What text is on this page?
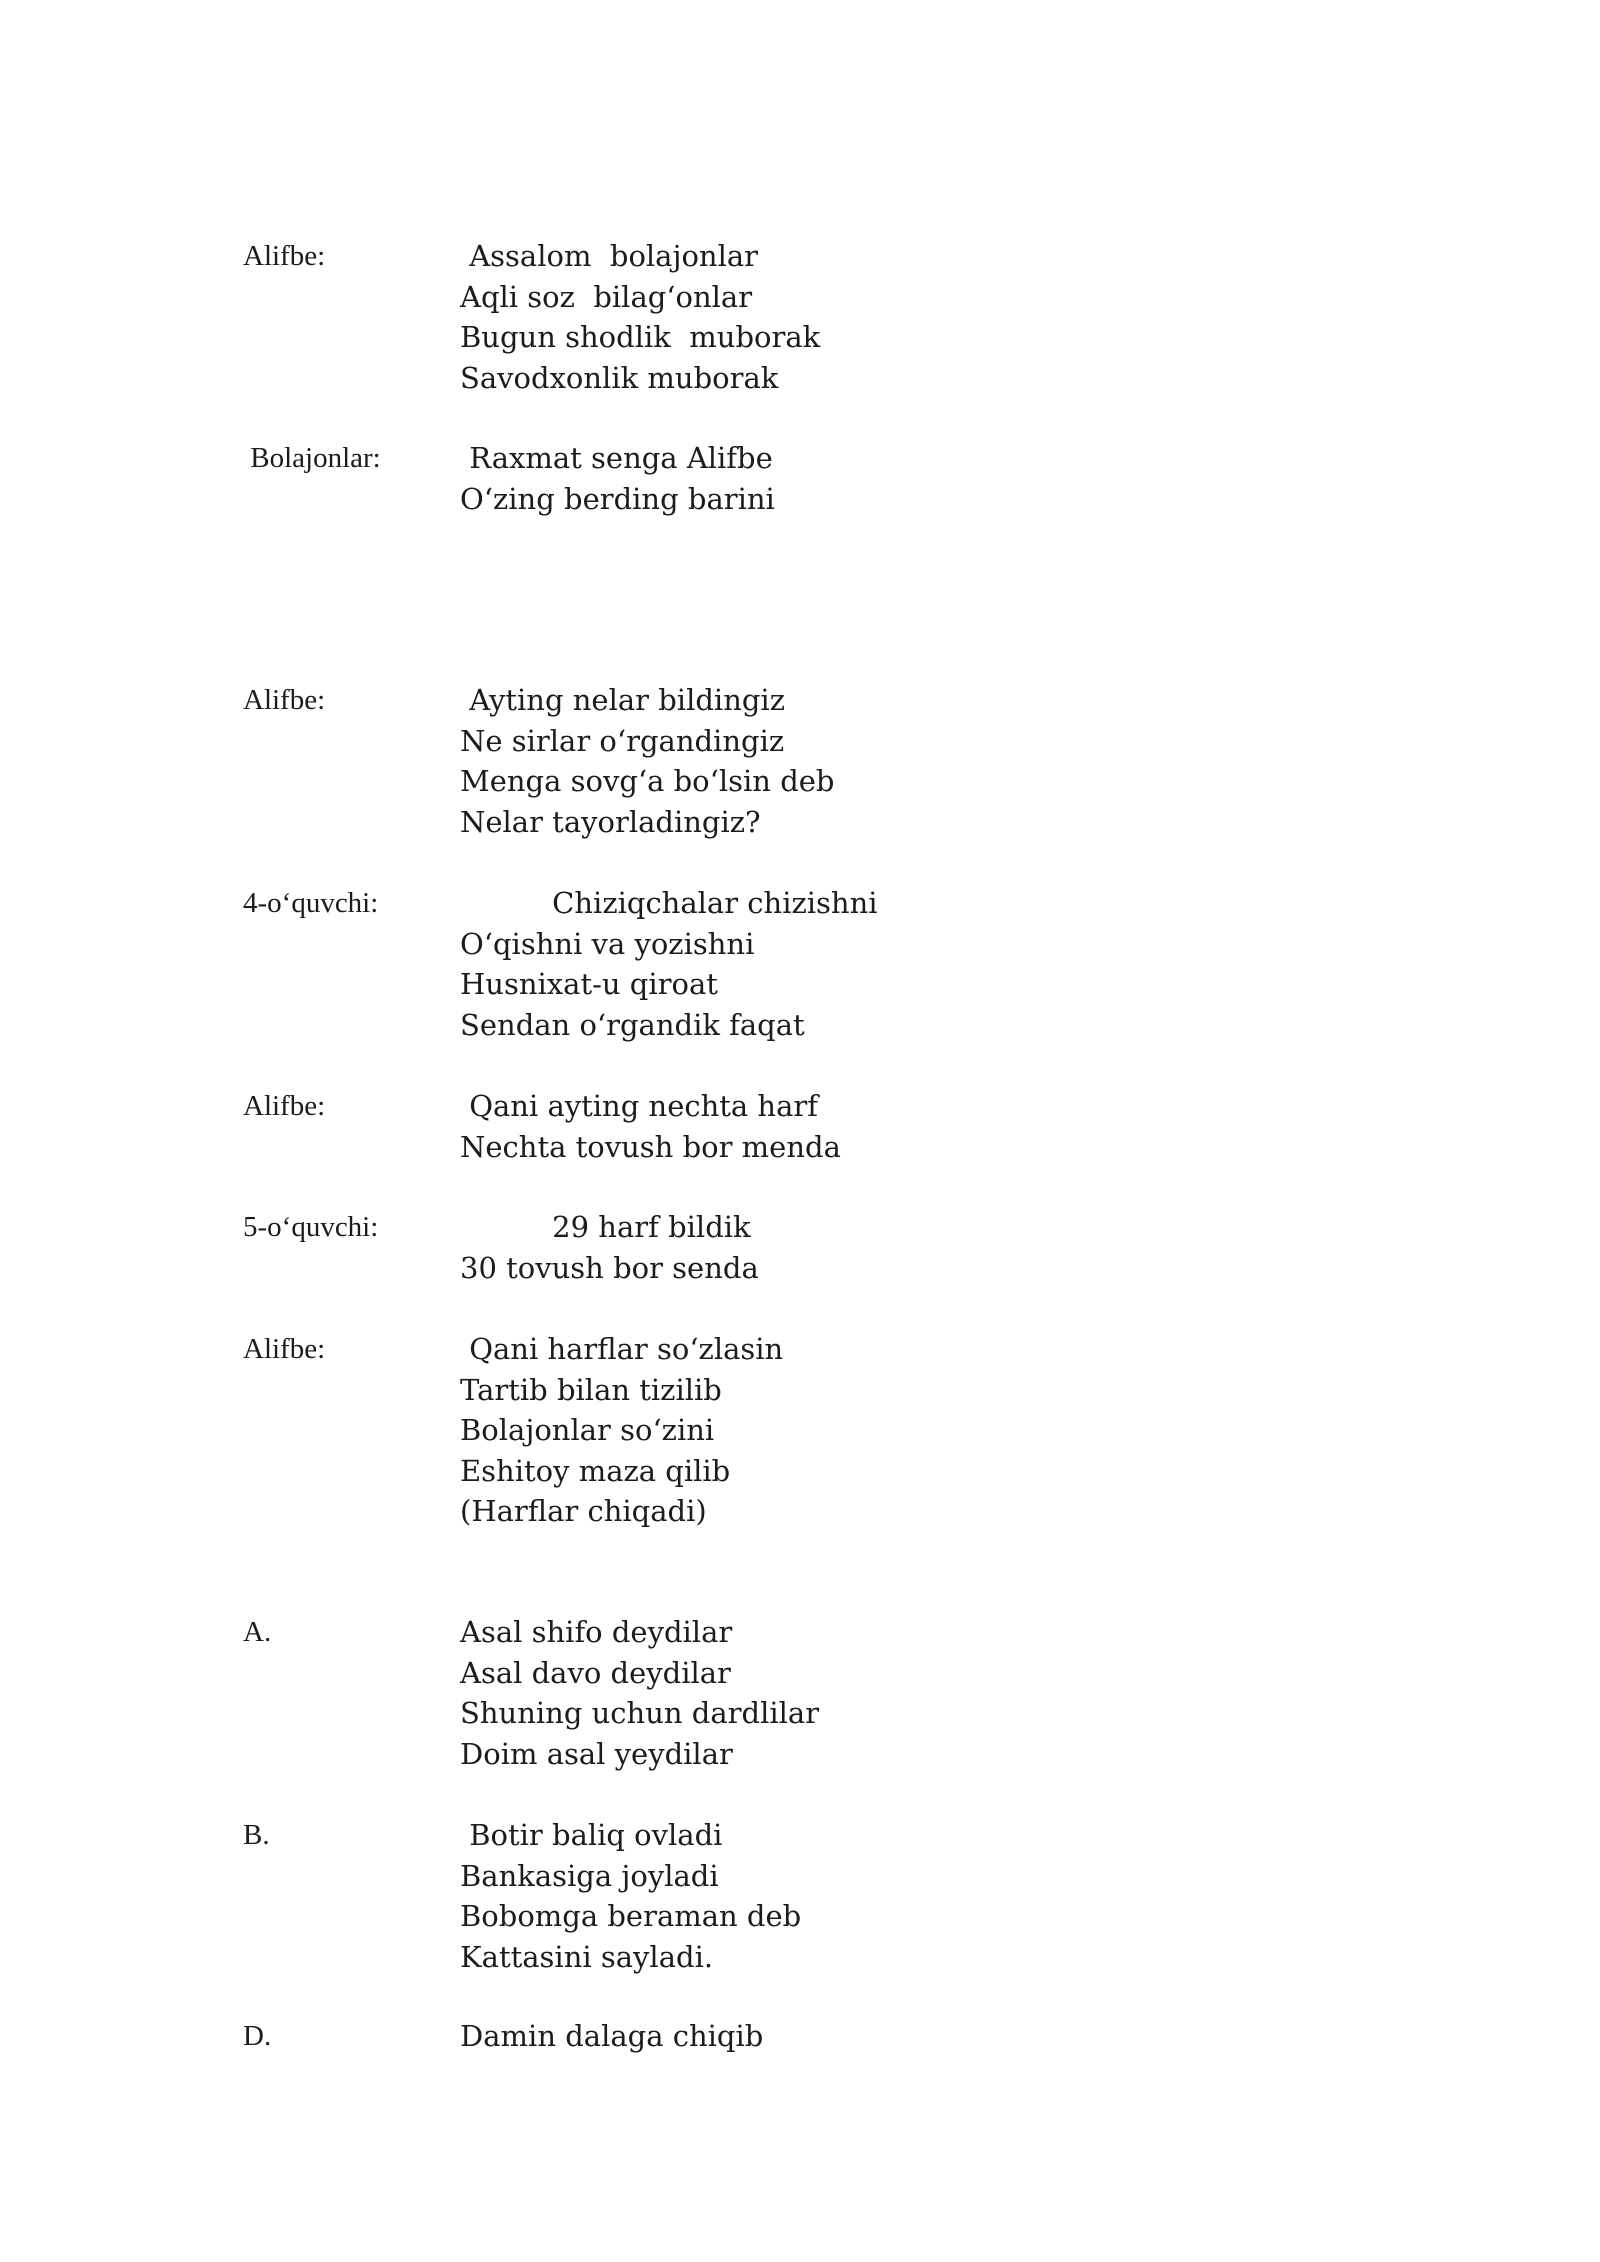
Alifbe:	Assalom  bolajonlar
Aqli soz  bilag‘onlar
Bugun shodlik  muborak
Savodxonlik muborak
Bolajonlar:	Raxmat senga Alifbe
O‘zing berding barini
Alifbe:	Ayting nelar bildingiz
Ne sirlar o‘rgandingiz
Menga sovg‘a bo‘lsin deb
Nelar tayorladingiz?
4-o‘quvchi:	Chiziqchalar chizishni
O‘qishni va yozishni
Husnixat-u qiroat
Sendan o‘rgandik faqat
Alifbe:	Qani ayting nechta harf
Nechta tovush bor menda
5-o‘quvchi:	29 harf bildik
30 tovush bor senda
Alifbe:	Qani harflar so‘zlasin
Tartib bilan tizilib
Bolajonlar so‘zini
Eshitoy maza qilib
(Harflar chiqadi)
A.	Asal shifo deydilar
Asal davo deydilar
Shuning uchun dardlilar
Doim asal yeydilar
B.	Botir baliq ovladi
Bankasiga joyladi
Bobomga beraman deb
Kattasini sayladi.
D.	Damin dalaga chiqib
